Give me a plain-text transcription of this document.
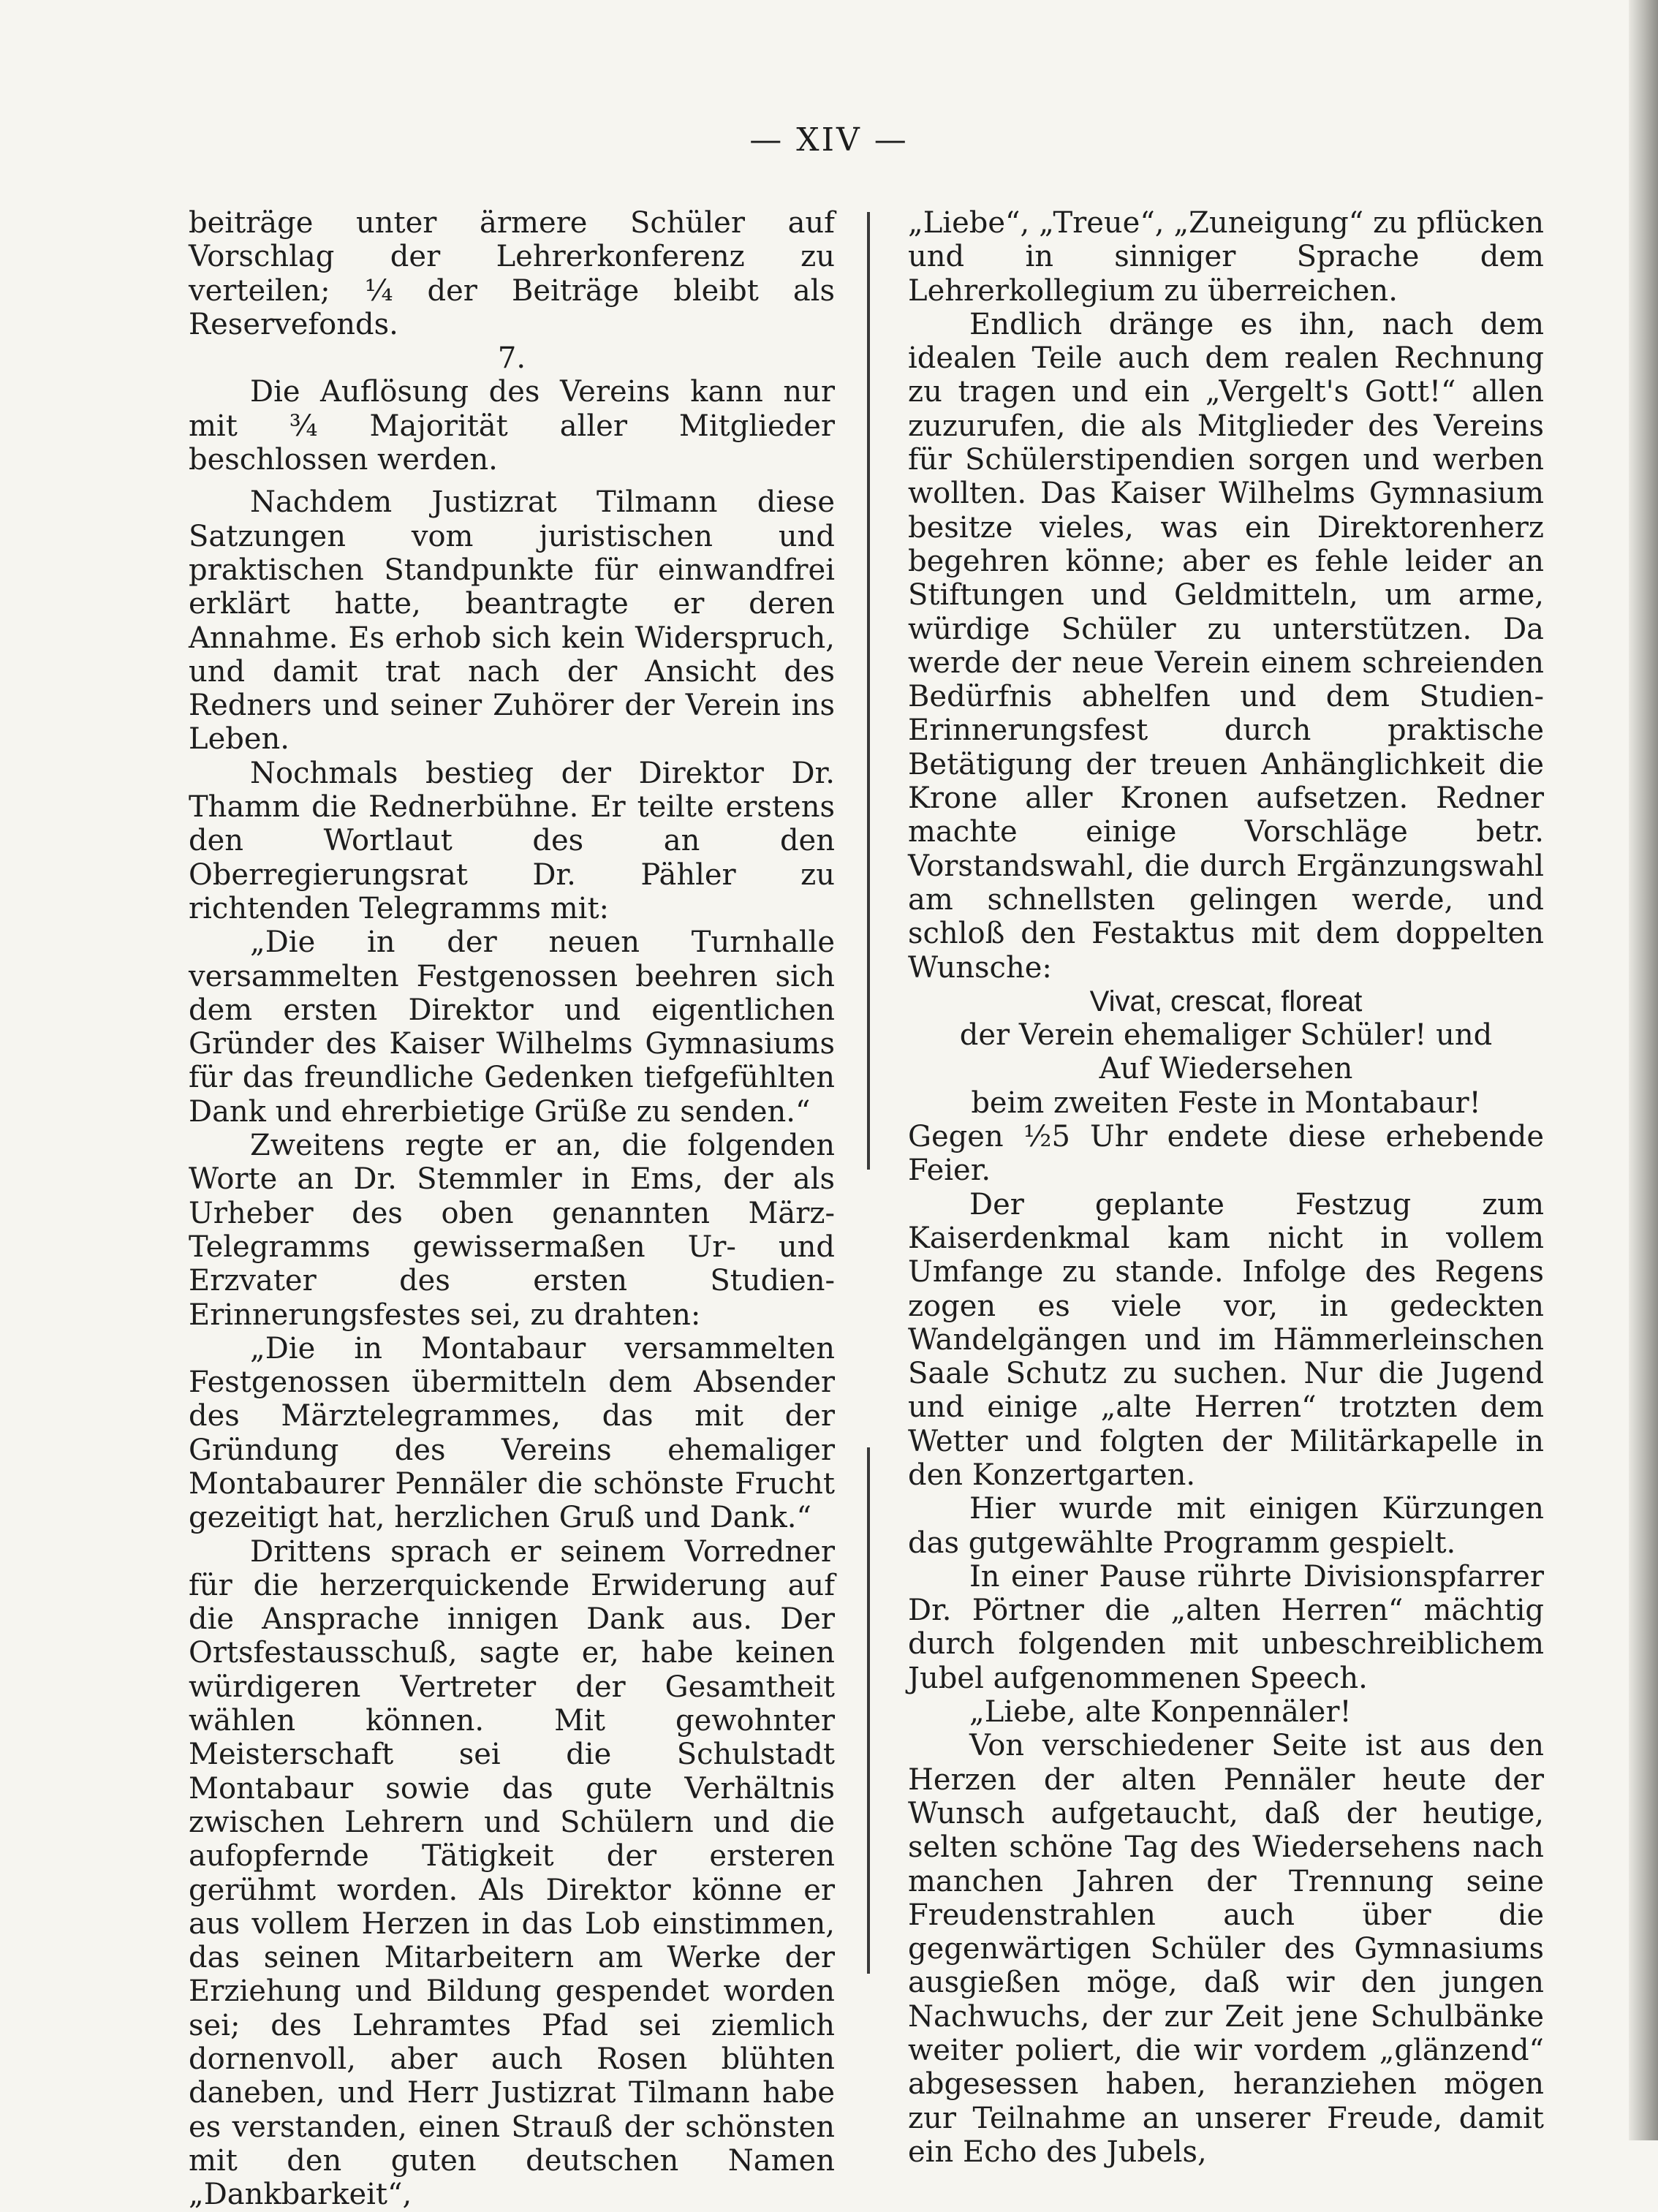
— XIV —

beiträge unter ärmere Schüler auf Vorschlag der Lehrerkonferenz zu verteilen; ¼ der Beiträge bleibt als Reservefonds.

7.

Die Auflösung des Vereins kann nur mit ¾ Majorität aller Mitglieder beschlossen werden.

Nachdem Justizrat Tilmann diese Satzungen vom juristischen und praktischen Standpunkte für einwandfrei erklärt hatte, beantragte er deren Annahme. Es erhob sich kein Widerspruch, und damit trat nach der Ansicht des Redners und seiner Zuhörer der Verein ins Leben.

Nochmals bestieg der Direktor Dr. Thamm die Rednerbühne. Er teilte erstens den Wortlaut des an den Oberregierungsrat Dr. Pähler zu richtenden Telegramms mit:

„Die in der neuen Turnhalle versammelten Festgenossen beehren sich dem ersten Direktor und eigentlichen Gründer des Kaiser Wilhelms Gymnasiums für das freundliche Gedenken tiefgefühlten Dank und ehrerbietige Grüße zu senden.“

Zweitens regte er an, die folgenden Worte an Dr. Stemmler in Ems, der als Urheber des oben genannten März-Telegramms gewissermaßen Ur- und Erzvater des ersten Studien-Erinnerungsfestes sei, zu drahten:

„Die in Montabaur versammelten Festgenossen übermitteln dem Absender des Märztelegrammes, das mit der Gründung des Vereins ehemaliger Montabaurer Pennäler die schönste Frucht gezeitigt hat, herzlichen Gruß und Dank.“

Drittens sprach er seinem Vorredner für die herzerquickende Erwiderung auf die Ansprache innigen Dank aus. Der Ortsfestausschuß, sagte er, habe keinen würdigeren Vertreter der Gesamtheit wählen können. Mit gewohnter Meisterschaft sei die Schulstadt Montabaur sowie das gute Verhältnis zwischen Lehrern und Schülern und die aufopfernde Tätigkeit der ersteren gerühmt worden. Als Direktor könne er aus vollem Herzen in das Lob einstimmen, das seinen Mitarbeitern am Werke der Erziehung und Bildung gespendet worden sei; des Lehramtes Pfad sei ziemlich dornenvoll, aber auch Rosen blühten daneben, und Herr Justizrat Tilmann habe es verstanden, einen Strauß der schönsten mit den guten deutschen Namen „Dankbarkeit“,

„Liebe“, „Treue“, „Zuneigung“ zu pflücken und in sinniger Sprache dem Lehrerkollegium zu überreichen.

Endlich dränge es ihn, nach dem idealen Teile auch dem realen Rechnung zu tragen und ein „Vergelt's Gott!“ allen zuzurufen, die als Mitglieder des Vereins für Schülerstipendien sorgen und werben wollten. Das Kaiser Wilhelms Gymnasium besitze vieles, was ein Direktorenherz begehren könne; aber es fehle leider an Stiftungen und Geldmitteln, um arme, würdige Schüler zu unterstützen. Da werde der neue Verein einem schreienden Bedürfnis abhelfen und dem Studien-Erinnerungsfest durch praktische Betätigung der treuen Anhänglichkeit die Krone aller Kronen aufsetzen. Redner machte einige Vorschläge betr. Vorstandswahl, die durch Ergänzungswahl am schnellsten gelingen werde, und schloß den Festaktus mit dem doppelten Wunsche:

Vivat, crescat, floreat

der Verein ehemaliger Schüler! und

Auf Wiedersehen

beim zweiten Feste in Montabaur!

Gegen ½5 Uhr endete diese erhebende Feier.

Der geplante Festzug zum Kaiserdenkmal kam nicht in vollem Umfange zu stande. Infolge des Regens zogen es viele vor, in gedeckten Wandelgängen und im Hämmerleinschen Saale Schutz zu suchen. Nur die Jugend und einige „alte Herren“ trotzten dem Wetter und folgten der Militärkapelle in den Konzertgarten.

Hier wurde mit einigen Kürzungen das gutgewählte Programm gespielt.

In einer Pause rührte Divisionspfarrer Dr. Pörtner die „alten Herren“ mächtig durch folgenden mit unbeschreiblichem Jubel aufgenommenen Speech.

„Liebe, alte Konpennäler!

Von verschiedener Seite ist aus den Herzen der alten Pennäler heute der Wunsch aufgetaucht, daß der heutige, selten schöne Tag des Wiedersehens nach manchen Jahren der Trennung seine Freudenstrahlen auch über die gegenwärtigen Schüler des Gymnasiums ausgießen möge, daß wir den jungen Nachwuchs, der zur Zeit jene Schulbänke weiter poliert, die wir vordem „glänzend“ abgesessen haben, heranziehen mögen zur Teilnahme an unserer Freude, damit ein Echo des Jubels,
